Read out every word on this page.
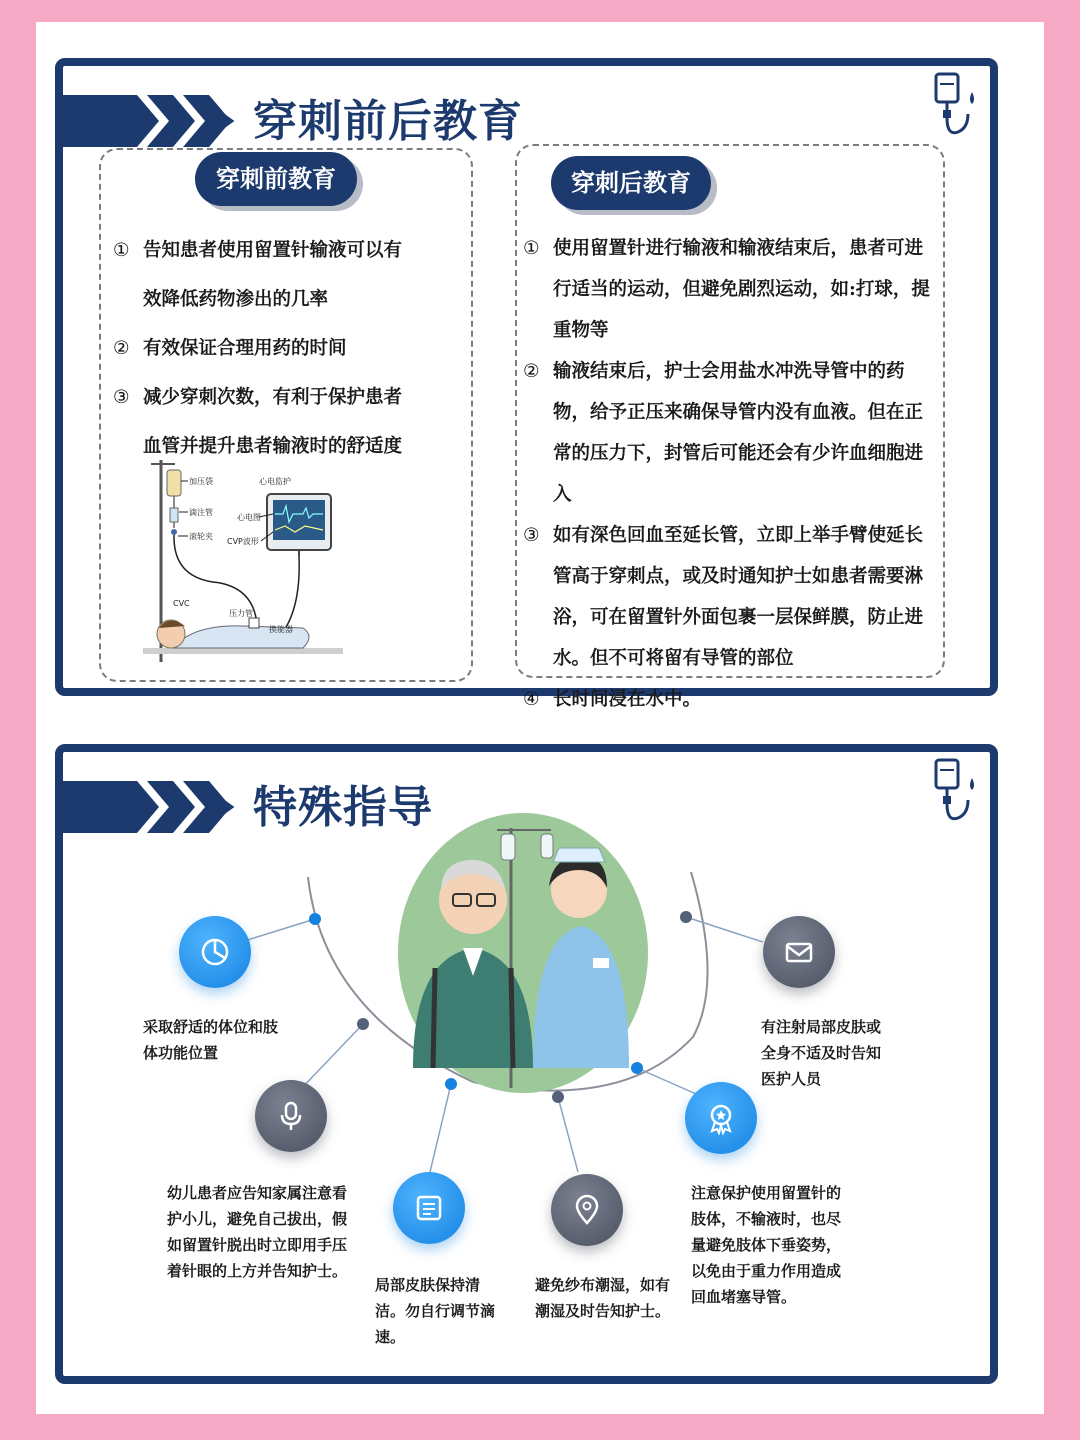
穿刺前后教育
穿刺前教育
① 告知患者使用留置针输液可以有效降低药物渗出的几率
② 有效保证合理用药的时间
③ 减少穿刺次数，有利于保护患者血管并提升患者输液时的舒适度
加压袋
滴注管
滚轮夹
心电监护
心电图
CVP波形
CVC
压力管
换能器
穿刺后教育
① 使用留置针进行输液和输液结束后，患者可进行适当的运动，但避免剧烈运动，如:打球，提重物等
② 输液结束后，护士会用盐水冲洗导管中的药物，给予正压来确保导管内没有血液。但在正常的压力下，封管后可能还会有少许血细胞进入
③ 如有深色回血至延长管，立即上举手臂使延长管高于穿刺点，或及时通知护士如患者需要淋浴，可在留置针外面包裹一层保鲜膜，防止进水。但不可将留有导管的部位
④ 长时间浸在水中。
特殊指导
采取舒适的体位和肢体功能位置
幼儿患者应告知家属注意看护小儿，避免自己拔出，假如留置针脱出时立即用手压着针眼的上方并告知护士。
局部皮肤保持清洁。勿自行调节滴速。
避免纱布潮湿，如有潮湿及时告知护士。
注意保护使用留置针的肢体，不输液时，也尽量避免肢体下垂姿势，以免由于重力作用造成回血堵塞导管。
有注射局部皮肤或全身不适及时告知医护人员
